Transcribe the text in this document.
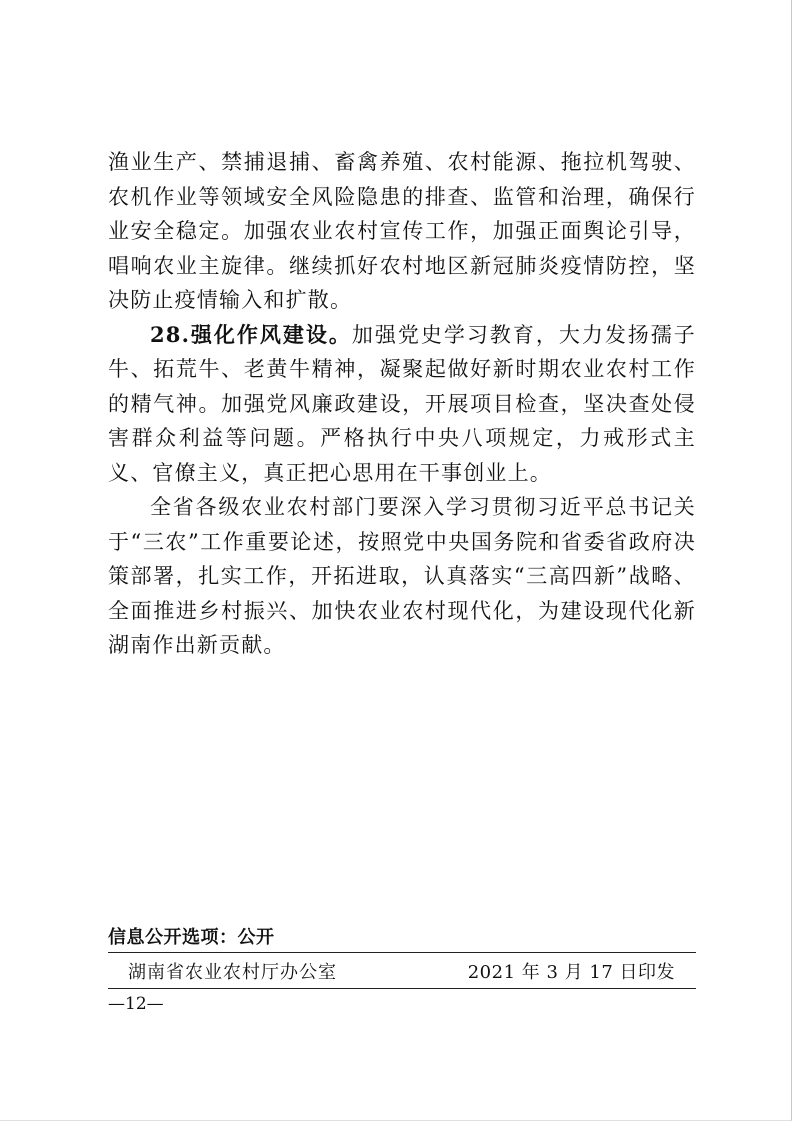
渔业生产、禁捕退捕、畜禽养殖、农村能源、拖拉机驾驶、农机作业等领域安全风险隐患的排查、监管和治理，确保行业安全稳定。加强农业农村宣传工作，加强正面舆论引导，唱响农业主旋律。继续抓好农村地区新冠肺炎疫情防控，坚决防止疫情输入和扩散。

28.强化作风建设。加强党史学习教育，大力发扬孺子牛、拓荒牛、老黄牛精神，凝聚起做好新时期农业农村工作的精气神。加强党风廉政建设，开展项目检查，坚决查处侵害群众利益等问题。严格执行中央八项规定，力戒形式主义、官僚主义，真正把心思用在干事创业上。

全省各级农业农村部门要深入学习贯彻习近平总书记关于“三农”工作重要论述，按照党中央国务院和省委省政府决策部署，扎实工作，开拓进取，认真落实“三高四新”战略、全面推进乡村振兴、加快农业农村现代化，为建设现代化新湖南作出新贡献。

信息公开选项：公开
湖南省农业农村厅办公室	2021 年 3 月 17 日印发
—12—
